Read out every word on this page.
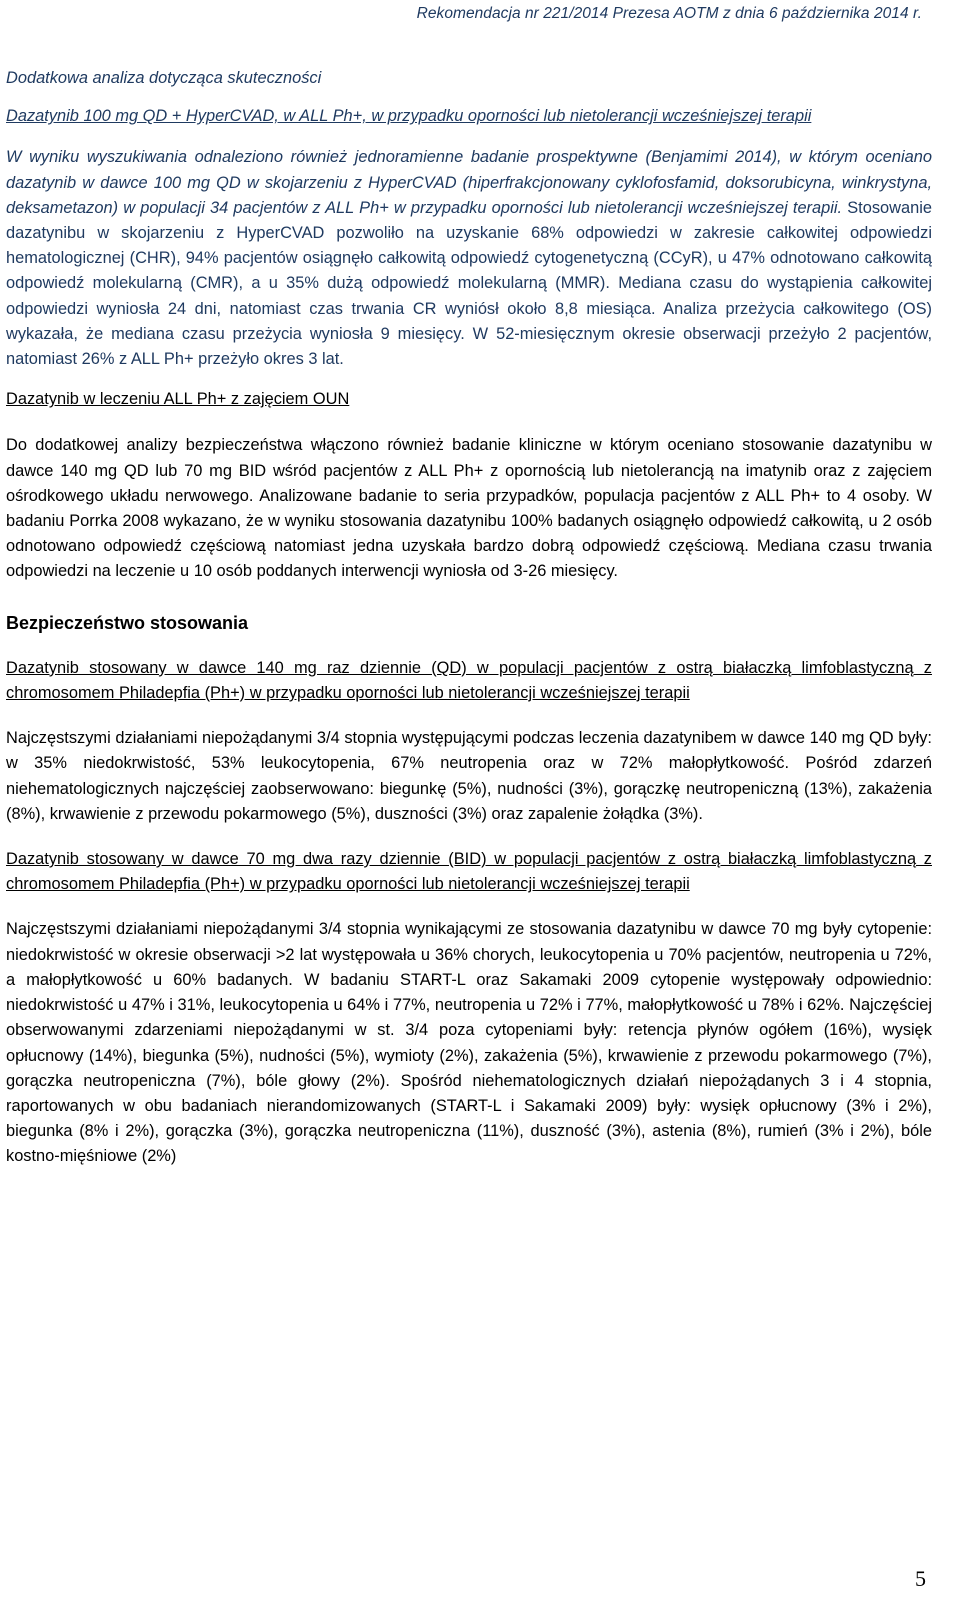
Rekomendacja nr 221/2014 Prezesa AOTM z dnia 6 października 2014 r.

Dodatkowa analiza dotycząca skuteczności

Dazatynib 100 mg QD + HyperCVAD, w ALL Ph+, w przypadku oporności lub nietolerancji wcześniejszej terapii

W wyniku wyszukiwania odnaleziono również jednoramienne badanie prospektywne (Benjamimi 2014), w którym oceniano dazatynib w dawce 100 mg QD w skojarzeniu z HyperCVAD (hiperfrakcjonowany cyklofosfamid, doksorubicyna, winkrystyna, deksametazon) w populacji 34 pacjentów z ALL Ph+ w przypadku oporności lub nietolerancji wcześniejszej terapii. Stosowanie dazatynibu w skojarzeniu z HyperCVAD pozwoliło na uzyskanie 68% odpowiedzi w zakresie całkowitej odpowiedzi hematologicznej (CHR), 94% pacjentów osiągnęło całkowitą odpowiedź cytogenetyczną (CCyR), u 47% odnotowano całkowitą odpowiedź molekularną (CMR), a u 35% dużą odpowiedź molekularną (MMR). Mediana czasu do wystąpienia całkowitej odpowiedzi wyniosła 24 dni, natomiast czas trwania CR wyniósł około 8,8 miesiąca. Analiza przeżycia całkowitego (OS) wykazała, że mediana czasu przeżycia wyniosła 9 miesięcy. W 52-miesięcznym okresie obserwacji przeżyło 2 pacjentów, natomiast 26% z ALL Ph+ przeżyło okres 3 lat.

Dazatynib w leczeniu ALL Ph+ z zajęciem OUN

Do dodatkowej analizy bezpieczeństwa włączono również badanie kliniczne w którym oceniano stosowanie dazatynibu w dawce 140 mg QD lub 70 mg BID wśród pacjentów z ALL Ph+ z opornością lub nietolerancją na imatynib oraz z zajęciem ośrodkowego układu nerwowego. Analizowane badanie to seria przypadków, populacja pacjentów z ALL Ph+ to 4 osoby. W badaniu Porrka 2008 wykazano, że w wyniku stosowania dazatynibu 100% badanych osiągnęło odpowiedź całkowitą, u 2 osób odnotowano odpowiedź częściową natomiast jedna uzyskała bardzo dobrą odpowiedź częściową. Mediana czasu trwania odpowiedzi na leczenie u 10 osób poddanych interwencji wyniosła od 3-26 miesięcy.

Bezpieczeństwo stosowania

Dazatynib stosowany w dawce 140 mg raz dziennie (QD) w populacji pacjentów z ostrą białaczką limfoblastyczną z chromosomem Philadepfia (Ph+) w przypadku oporności lub nietolerancji wcześniejszej terapii

Najczęstszymi działaniami niepożądanymi 3/4 stopnia występującymi podczas leczenia dazatynibem w dawce 140 mg QD były: w 35% niedokrwistość, 53% leukocytopenia, 67% neutropenia oraz w 72% małopłytkowość. Pośród zdarzeń niehematologicznych najczęściej zaobserwowano: biegunkę (5%), nudności (3%), gorączkę neutropeniczną (13%), zakażenia (8%), krwawienie z przewodu pokarmowego (5%), duszności (3%) oraz zapalenie żołądka (3%).

Dazatynib stosowany w dawce 70 mg dwa razy dziennie (BID) w populacji pacjentów z ostrą białaczką limfoblastyczną z chromosomem Philadepfia (Ph+) w przypadku oporności lub nietolerancji wcześniejszej terapii

Najczęstszymi działaniami niepożądanymi 3/4 stopnia wynikającymi ze stosowania dazatynibu w dawce 70 mg były cytopenie: niedokrwistość w okresie obserwacji >2 lat występowała u 36% chorych, leukocytopenia u 70% pacjentów, neutropenia u 72%, a małopłytkowość u 60% badanych. W badaniu START-L oraz Sakamaki 2009 cytopenie występowały odpowiednio: niedokrwistość u 47% i 31%, leukocytopenia u 64% i 77%, neutropenia u 72% i 77%, małopłytkowość u 78% i 62%. Najczęściej obserwowanymi zdarzeniami niepożądanymi w st. 3/4 poza cytopeniami były: retencja płynów ogółem (16%), wysięk opłucnowy (14%), biegunka (5%), nudności (5%), wymioty (2%), zakażenia (5%), krwawienie z przewodu pokarmowego (7%), gorączka neutropeniczna (7%), bóle głowy (2%). Spośród niehematologicznych działań niepożądanych 3 i 4 stopnia, raportowanych w obu badaniach nierandomizowanych (START-L i Sakamaki 2009) były: wysięk opłucnowy (3% i 2%), biegunka (8% i 2%), gorączka (3%), gorączka neutropeniczna (11%), duszność (3%), astenia (8%), rumień (3% i 2%), bóle kostno-mięśniowe (2%)

5
